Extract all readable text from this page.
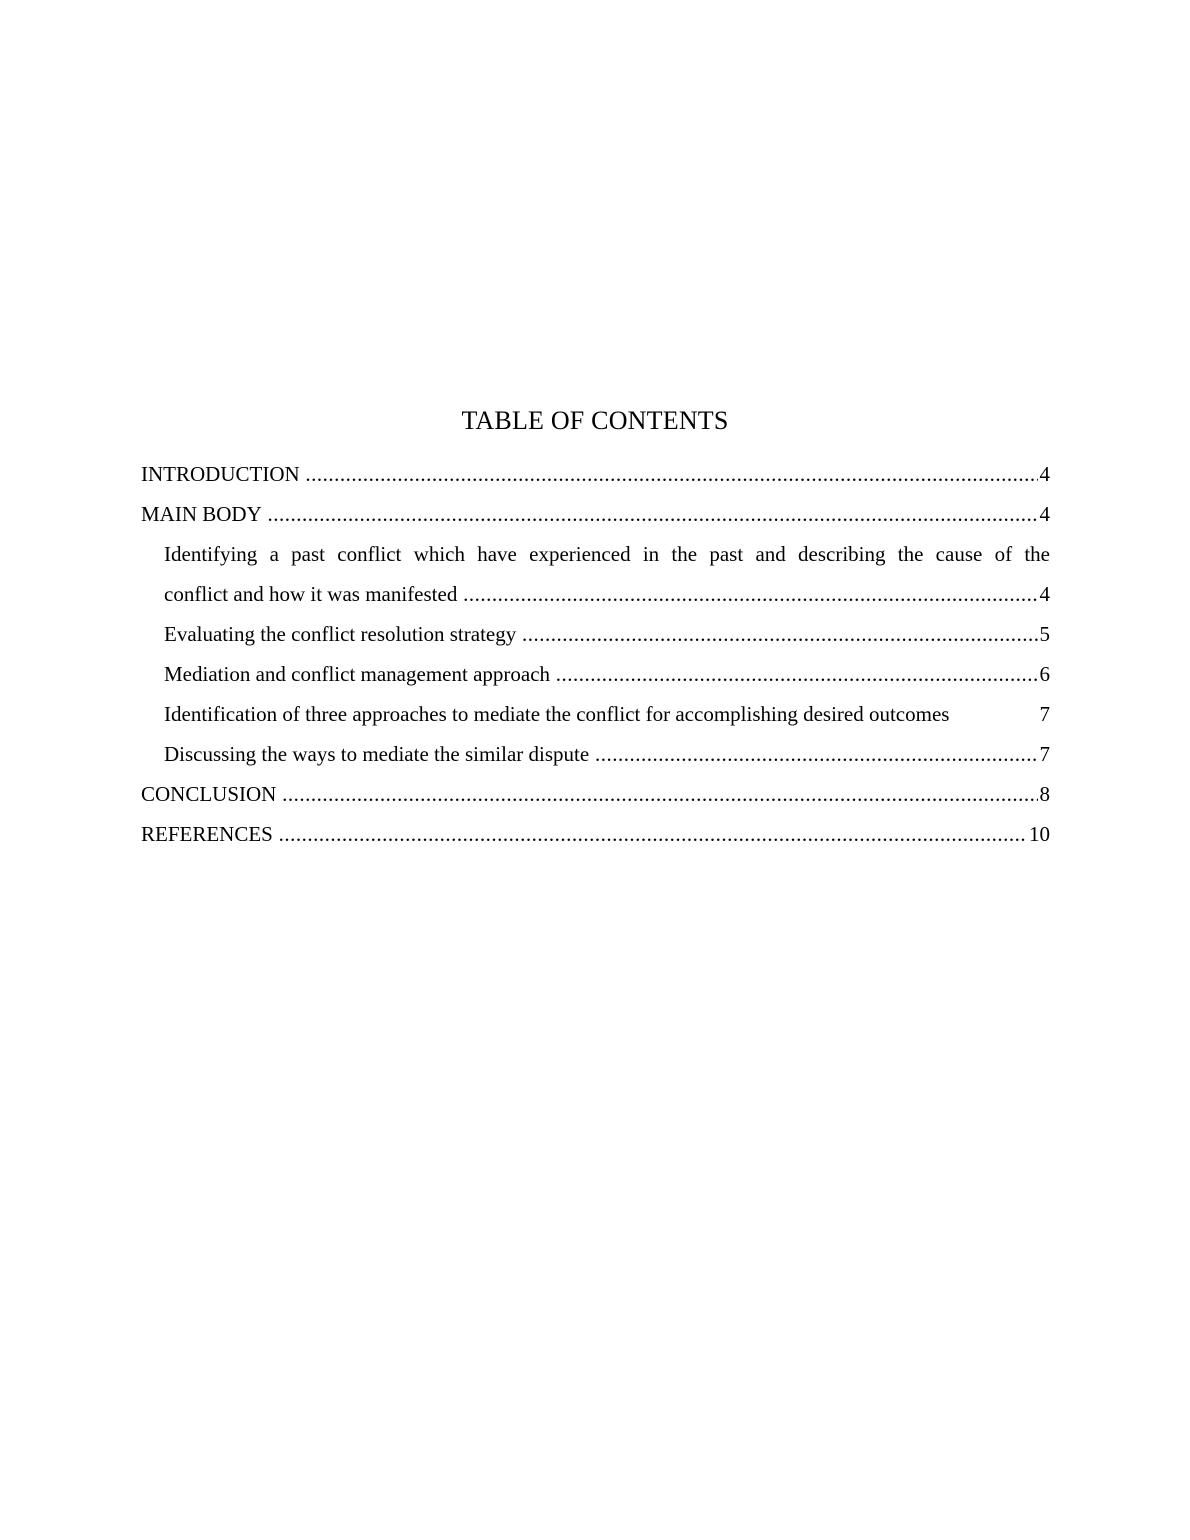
TABLE OF CONTENTS
INTRODUCTION .....	4
MAIN BODY .....	4
Identifying a past conflict which have experienced in the past and describing the cause of the
conflict and how it was manifested .....	4
Evaluating the conflict resolution strategy .....	5
Mediation and conflict management approach .....	6
Identification of three approaches to mediate the conflict for accomplishing desired outcomes	7
Discussing the ways to mediate the similar dispute .....	7
CONCLUSION .....	8
REFERENCES .....	10
